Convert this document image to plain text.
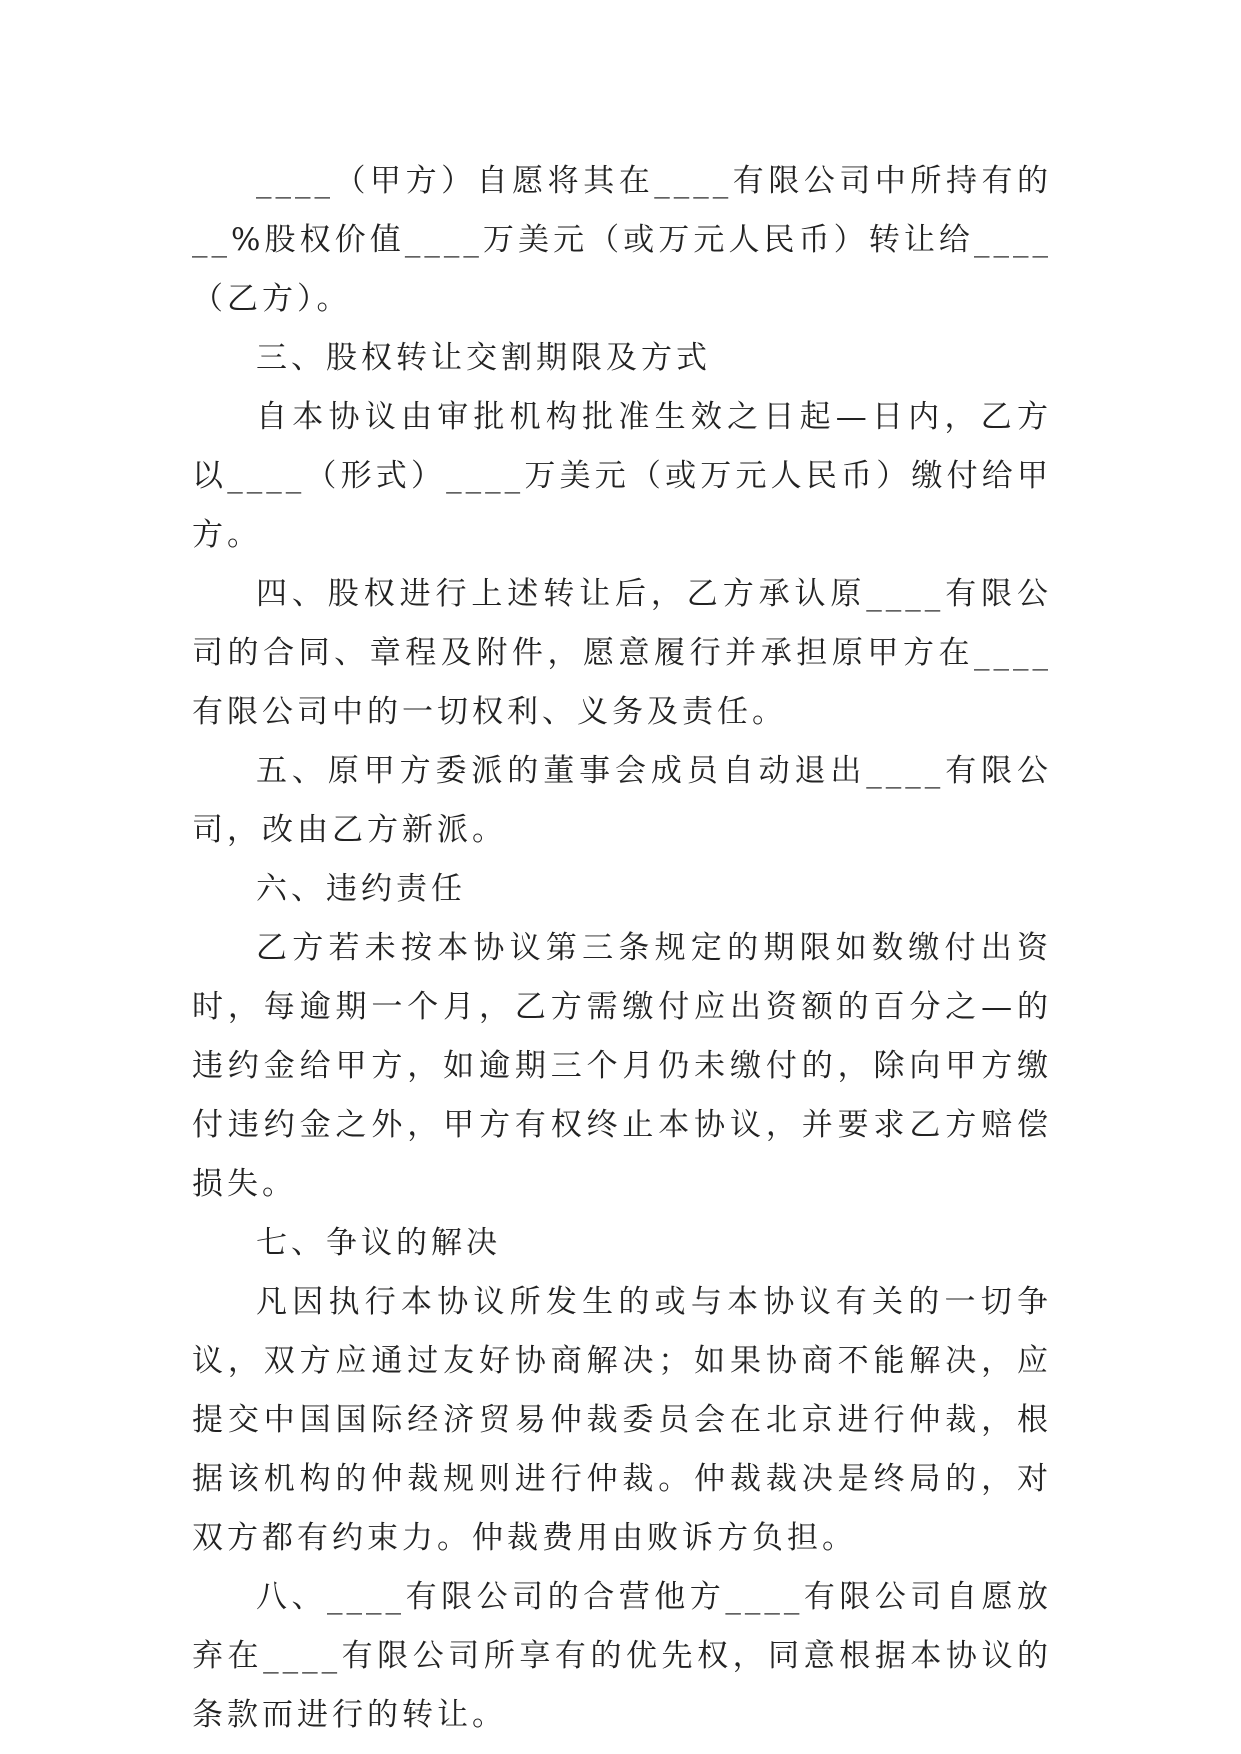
____（甲方）自愿将其在____有限公司中所持有的__%股权价值____万美元（或万元人民币）转让给____（乙方）。

三、股权转让交割期限及方式

自本协议由审批机构批准生效之日起—日内，乙方以____（形式）____万美元（或万元人民币）缴付给甲方。

四、股权进行上述转让后，乙方承认原____有限公司的合同、章程及附件，愿意履行并承担原甲方在____有限公司中的一切权利、义务及责任。

五、原甲方委派的董事会成员自动退出____有限公司，改由乙方新派。

六、违约责任

乙方若未按本协议第三条规定的期限如数缴付出资时，每逾期一个月，乙方需缴付应出资额的百分之—的违约金给甲方，如逾期三个月仍未缴付的，除向甲方缴付违约金之外，甲方有权终止本协议，并要求乙方赔偿损失。

七、争议的解决

凡因执行本协议所发生的或与本协议有关的一切争议，双方应通过友好协商解决；如果协商不能解决，应提交中国国际经济贸易仲裁委员会在北京进行仲裁，根据该机构的仲裁规则进行仲裁。仲裁裁决是终局的，对双方都有约束力。仲裁费用由败诉方负担。

八、____有限公司的合营他方____有限公司自愿放弃在____有限公司所享有的优先权，同意根据本协议的条款而进行的转让。
